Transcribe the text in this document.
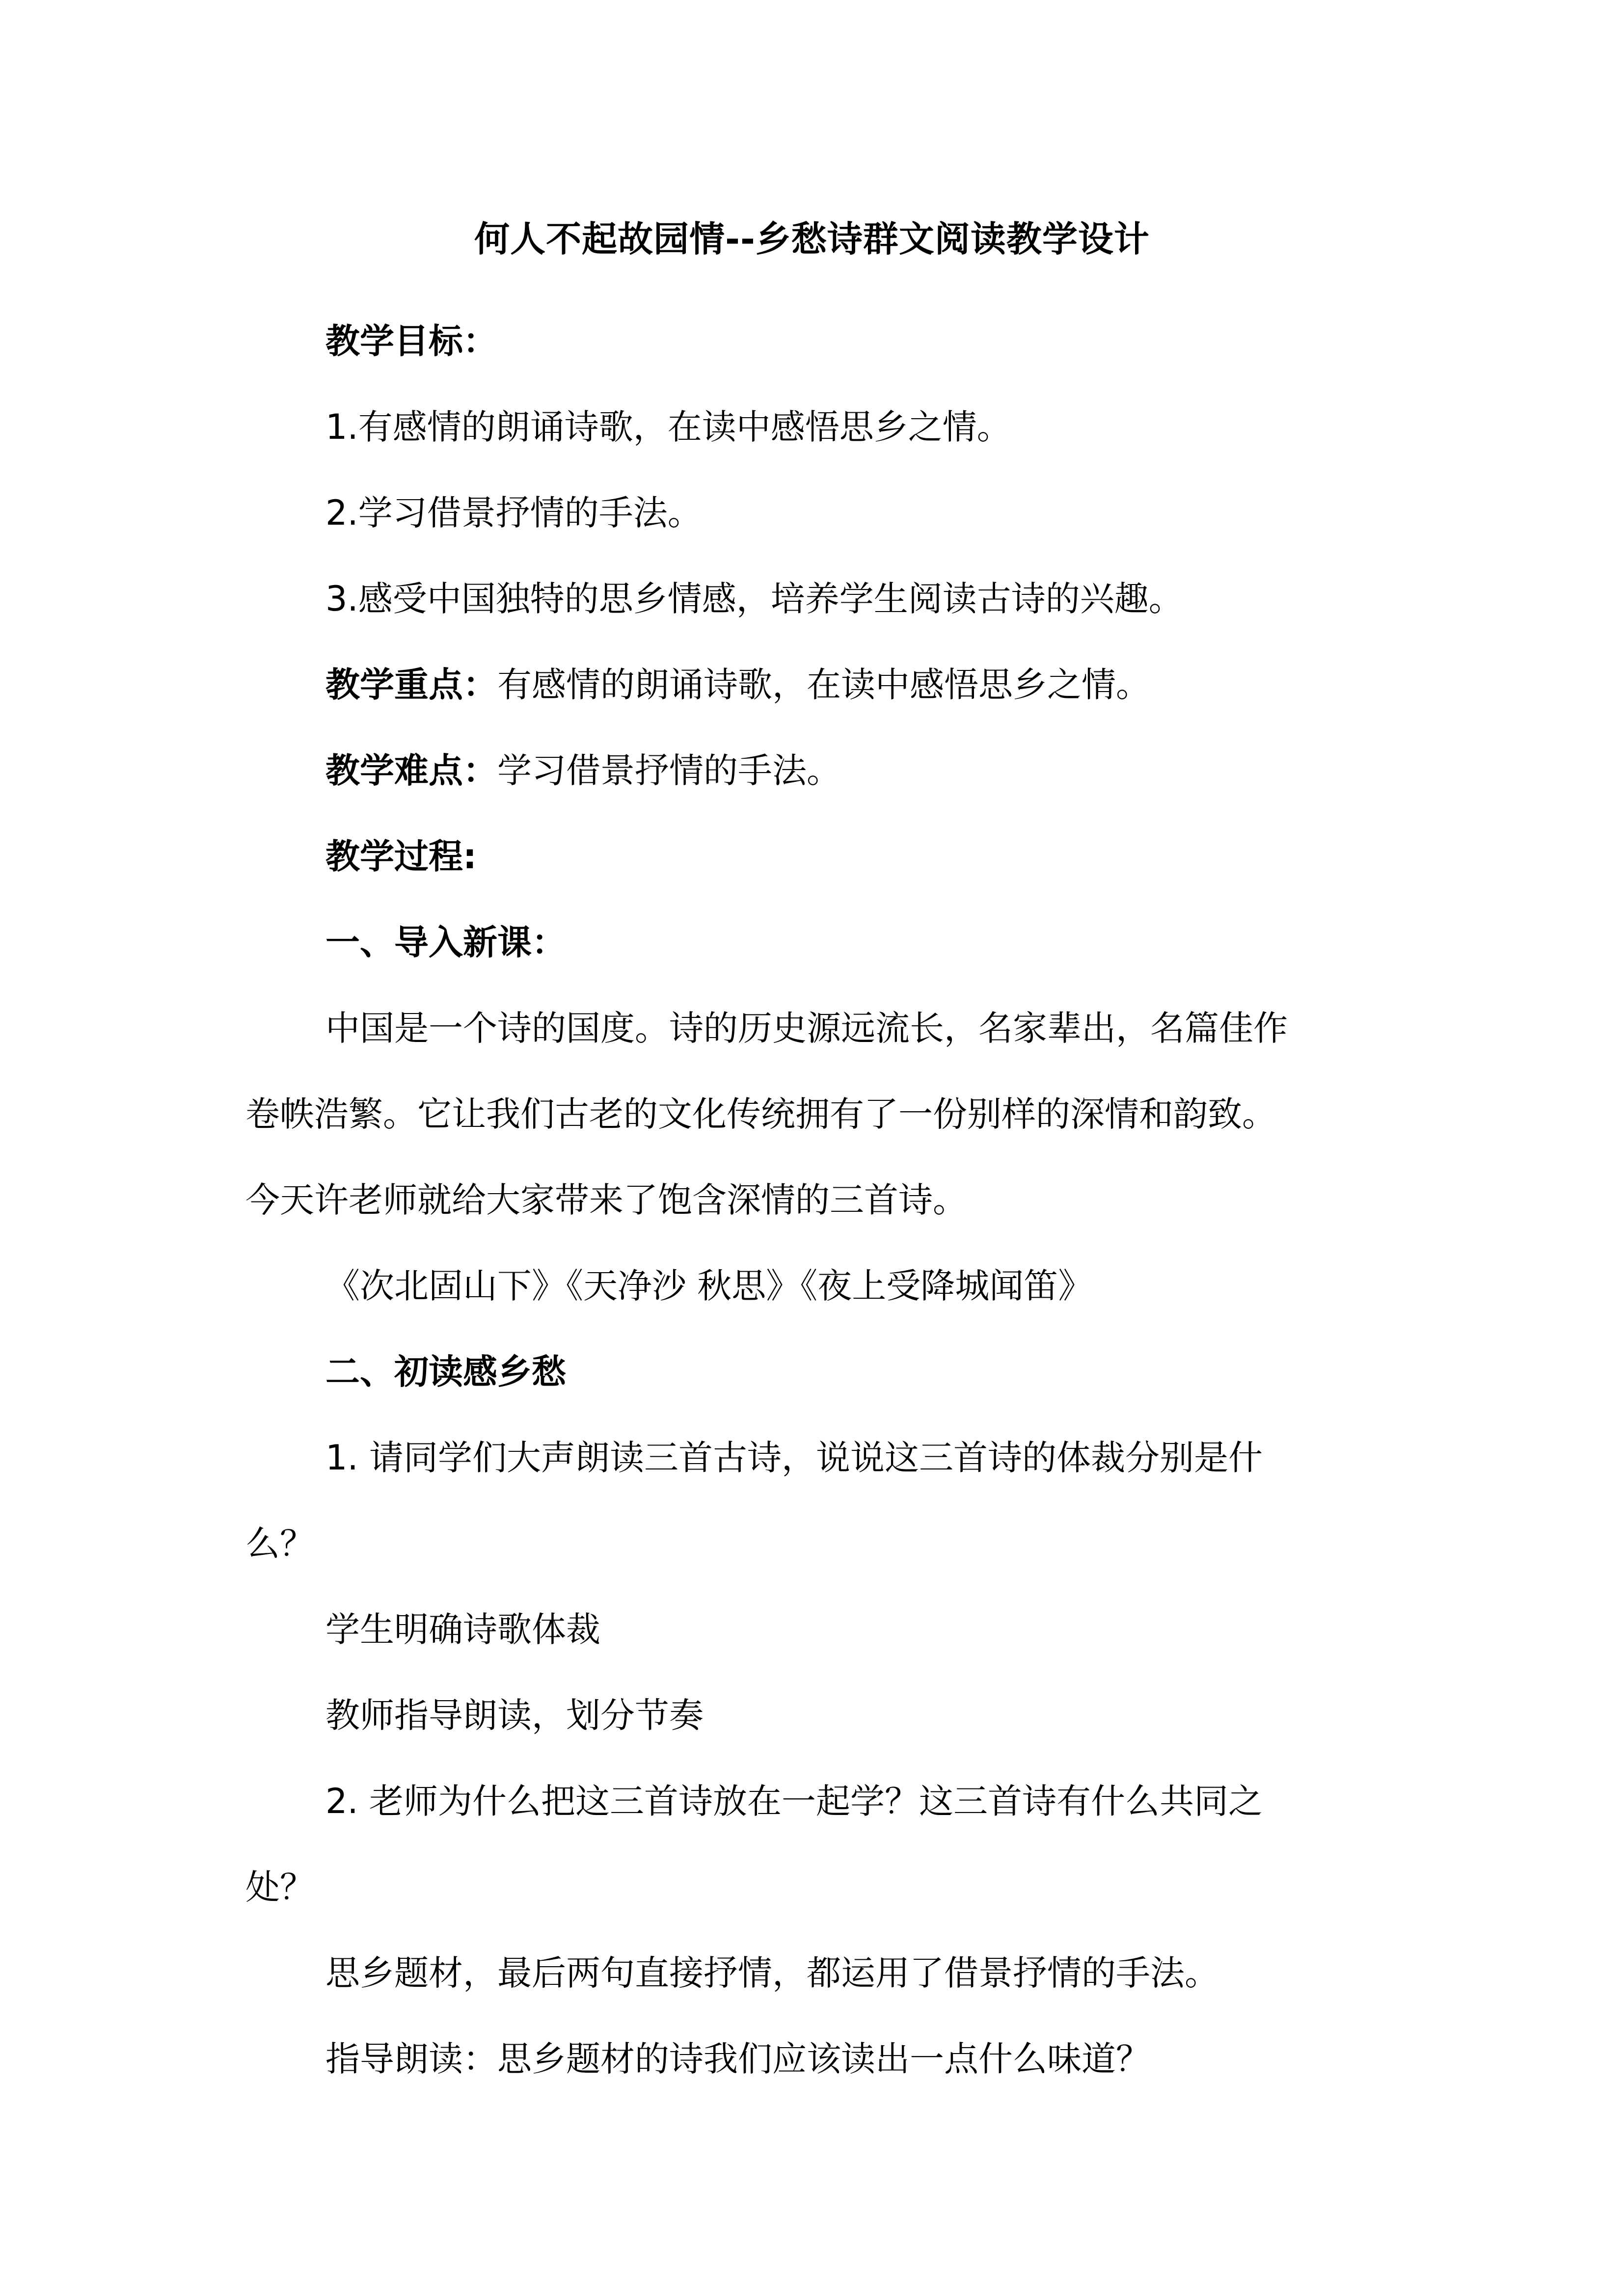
何人不起故园情--乡愁诗群文阅读教学设计
教学目标：
1.有感情的朗诵诗歌，在读中感悟思乡之情。
2.学习借景抒情的手法。
3.感受中国独特的思乡情感，培养学生阅读古诗的兴趣。
教学重点：有感情的朗诵诗歌，在读中感悟思乡之情。
教学难点：学习借景抒情的手法。
教学过程:
一、导入新课：
中国是一个诗的国度。诗的历史源远流长，名家辈出，名篇佳作
卷帙浩繁。它让我们古老的文化传统拥有了一份别样的深情和韵致。
今天许老师就给大家带来了饱含深情的三首诗。
《次北固山下》《天净沙 秋思》《夜上受降城闻笛》
二、初读感乡愁
1. 请同学们大声朗读三首古诗，说说这三首诗的体裁分别是什
么？
学生明确诗歌体裁
教师指导朗读，划分节奏
2. 老师为什么把这三首诗放在一起学？这三首诗有什么共同之
处？
思乡题材，最后两句直接抒情，都运用了借景抒情的手法。
指导朗读：思乡题材的诗我们应该读出一点什么味道？
